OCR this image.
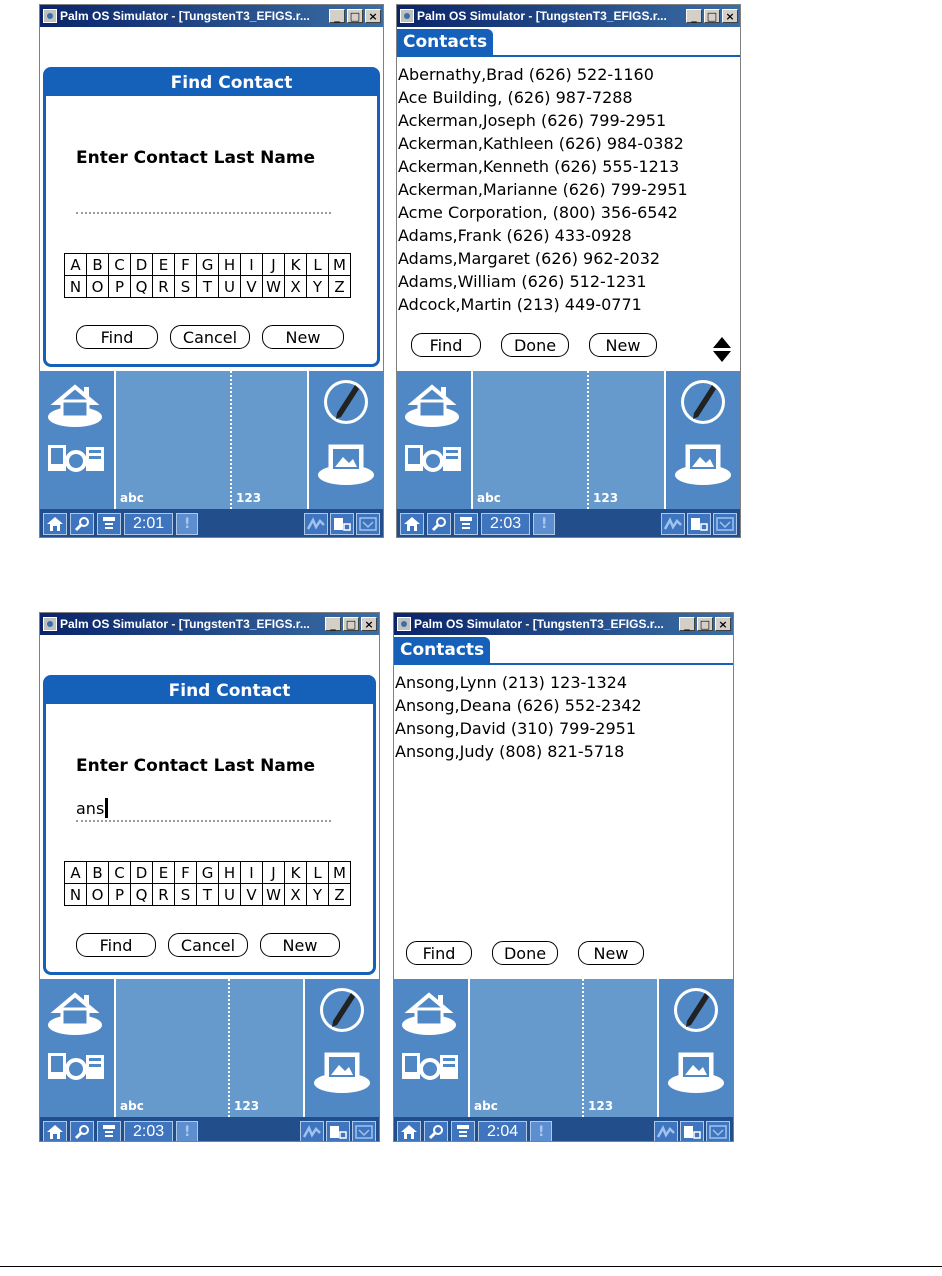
Palm OS Simulator - [TungstenT3_EFIGS.r...	_ □ ×
Find Contact
Enter Contact Last Name
A	B	C	D	E	F	G	H	I	J	K	L	M
N	O	P	Q	R	S	T	U	V	W	X	Y	Z
Find	Cancel	New
abc	123
2:01	!
Palm OS Simulator - [TungstenT3_EFIGS.r...	_ □ ×
Contacts
Abernathy,Brad (626) 522-1160
Ace Building, (626) 987-7288
Ackerman,Joseph (626) 799-2951
Ackerman,Kathleen (626) 984-0382
Ackerman,Kenneth (626) 555-1213
Ackerman,Marianne (626) 799-2951
Acme Corporation, (800) 356-6542
Adams,Frank (626) 433-0928
Adams,Margaret (626) 962-2032
Adams,William (626) 512-1231
Adcock,Martin (213) 449-0771
Find	Done	New
abc	123
2:03	!
Palm OS Simulator - [TungstenT3_EFIGS.r...	_ □ ×
Find Contact
Enter Contact Last Name
ans
A	B	C	D	E	F	G	H	I	J	K	L	M
N	O	P	Q	R	S	T	U	V	W	X	Y	Z
Find	Cancel	New
abc	123
2:03	!
Palm OS Simulator - [TungstenT3_EFIGS.r...	_ □ ×
Contacts
Ansong,Lynn (213) 123-1324
Ansong,Deana (626) 552-2342
Ansong,David (310) 799-2951
Ansong,Judy (808) 821-5718
Find	Done	New
abc	123
2:04	!
